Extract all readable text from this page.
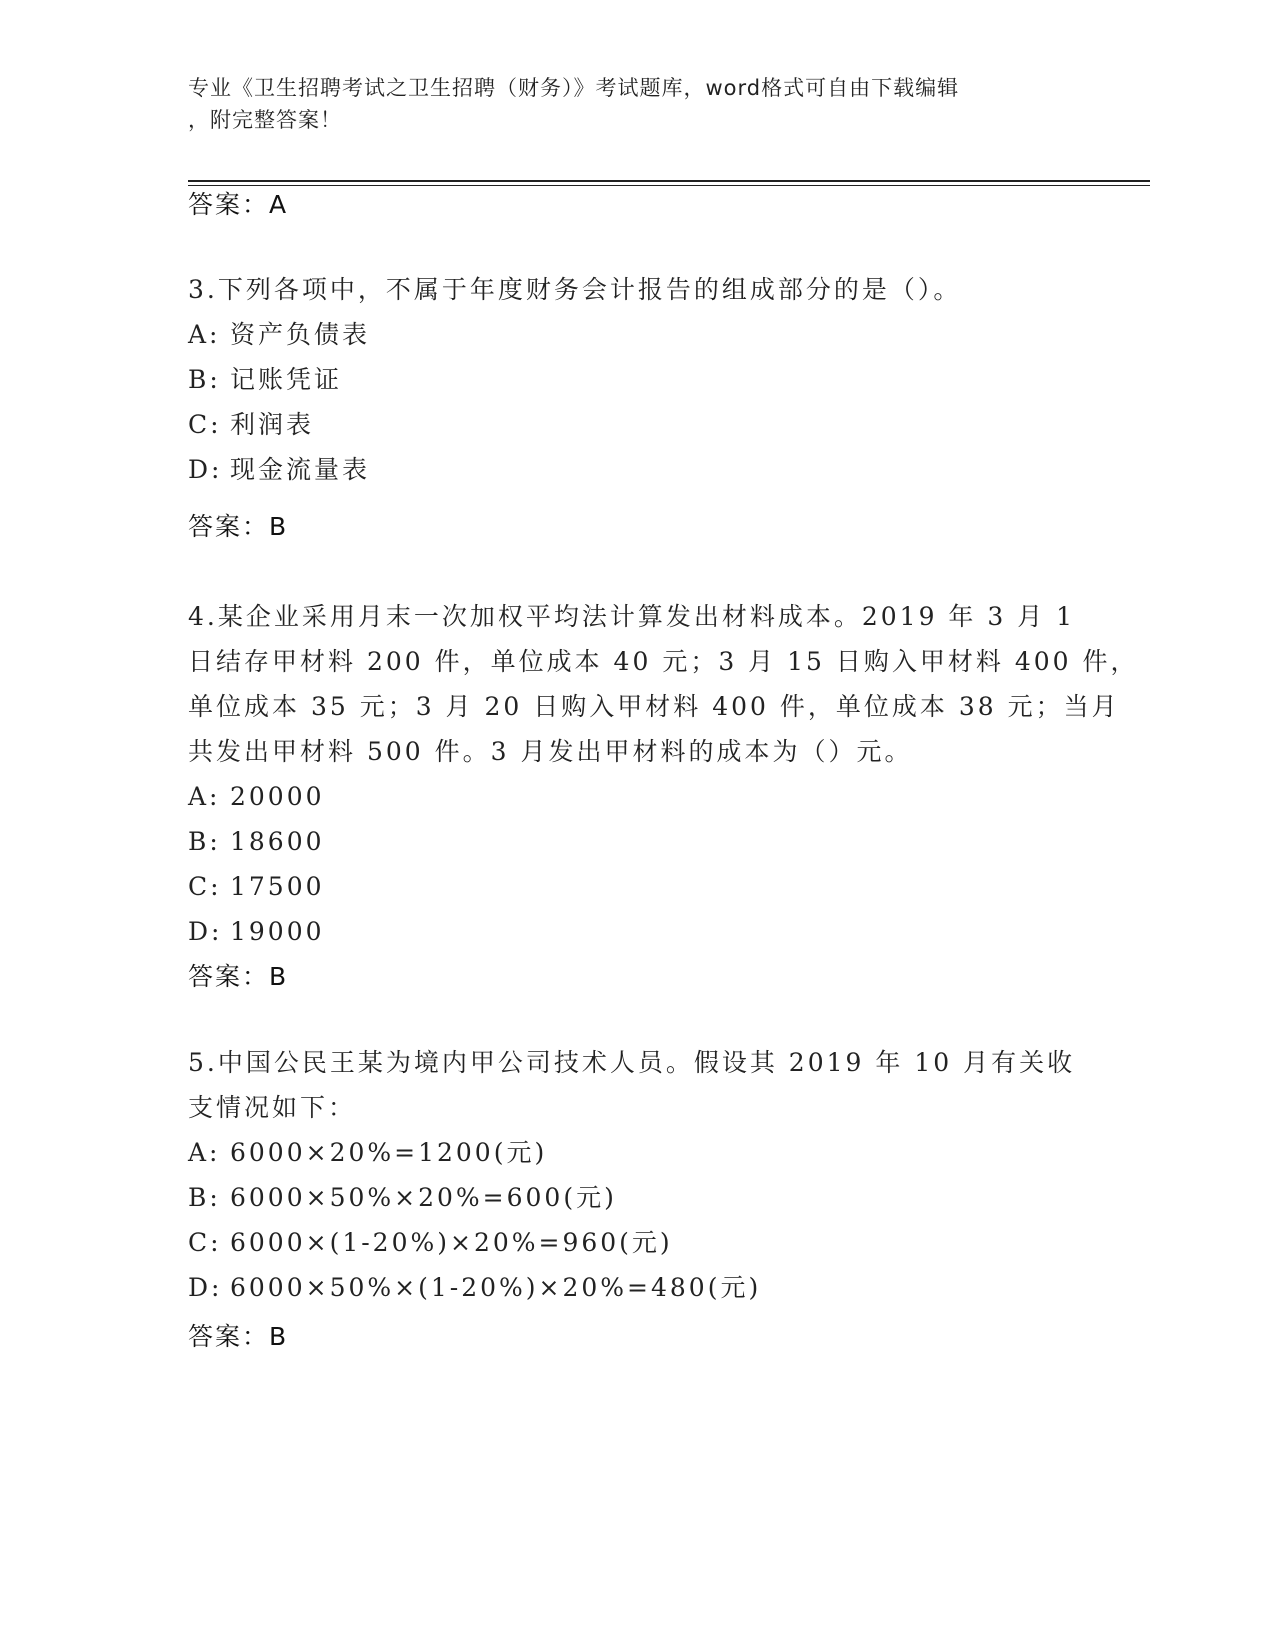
专业《卫生招聘考试之卫生招聘（财务）》考试题库，word格式可自由下载编辑
，附完整答案！
答案：A
3.下列各项中，不属于年度财务会计报告的组成部分的是（）。
A: 资产负债表
B: 记账凭证
C: 利润表
D: 现金流量表
答案：B
4.某企业采用月末一次加权平均法计算发出材料成本。2019 年 3 月 1
日结存甲材料 200 件，单位成本 40 元；3 月 15 日购入甲材料 400 件，
单位成本 35 元；3 月 20 日购入甲材料 400 件，单位成本 38 元；当月
共发出甲材料 500 件。3 月发出甲材料的成本为（）元。
A: 20000
B: 18600
C: 17500
D: 19000
答案：B
5.中国公民王某为境内甲公司技术人员。假设其 2019 年 10 月有关收
支情况如下：
A: 6000×20%=1200(元)
B: 6000×50%×20%=600(元)
C: 6000×(1-20%)×20%=960(元)
D: 6000×50%×(1-20%)×20%=480(元)
答案：B
